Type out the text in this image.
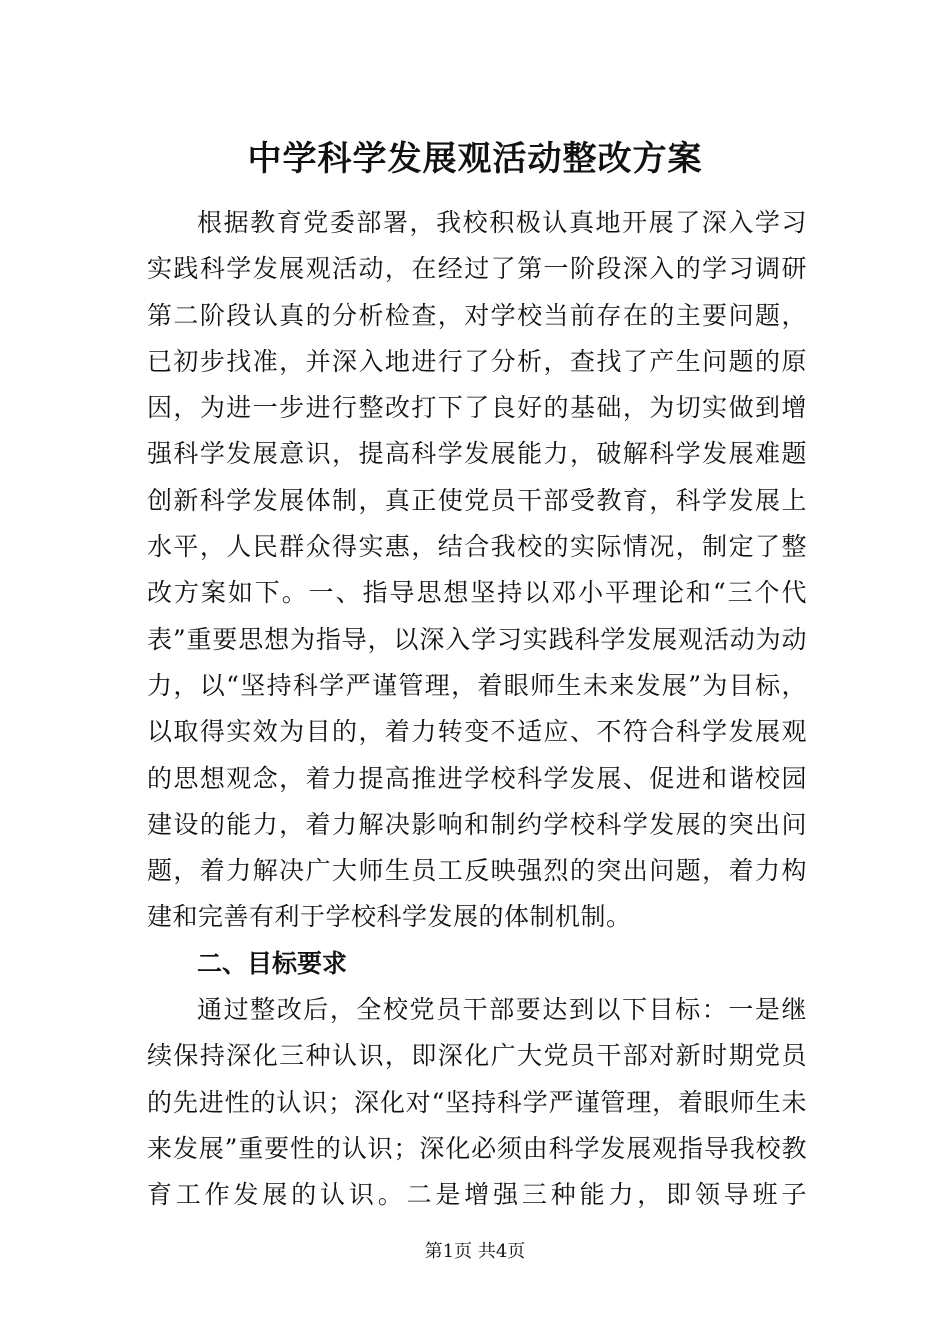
中学科学发展观活动整改方案

根据教育党委部署，我校积极认真地开展了深入学习实践科学发展观活动，在经过了第一阶段深入的学习调研第二阶段认真的分析检查，对学校当前存在的主要问题，已初步找准，并深入地进行了分析，查找了产生问题的原因，为进一步进行整改打下了良好的基础，为切实做到增强科学发展意识，提高科学发展能力，破解科学发展难题创新科学发展体制，真正使党员干部受教育，科学发展上水平，人民群众得实惠，结合我校的实际情况，制定了整改方案如下。一、指导思想坚持以邓小平理论和“三个代表”重要思想为指导，以深入学习实践科学发展观活动为动力，以“坚持科学严谨管理，着眼师生未来发展”为目标，以取得实效为目的，着力转变不适应、不符合科学发展观的思想观念，着力提高推进学校科学发展、促进和谐校园建设的能力，着力解决影响和制约学校科学发展的突出问题，着力解决广大师生员工反映强烈的突出问题，着力构建和完善有利于学校科学发展的体制机制。

二、目标要求

通过整改后，全校党员干部要达到以下目标：一是继续保持深化三种认识，即深化广大党员干部对新时期党员的先进性的认识；深化对“坚持科学严谨管理，着眼师生未来发展”重要性的认识；深化必须由科学发展观指导我校教育工作发展的认识。二是增强三种能力，即领导班子

第1页 共4页
